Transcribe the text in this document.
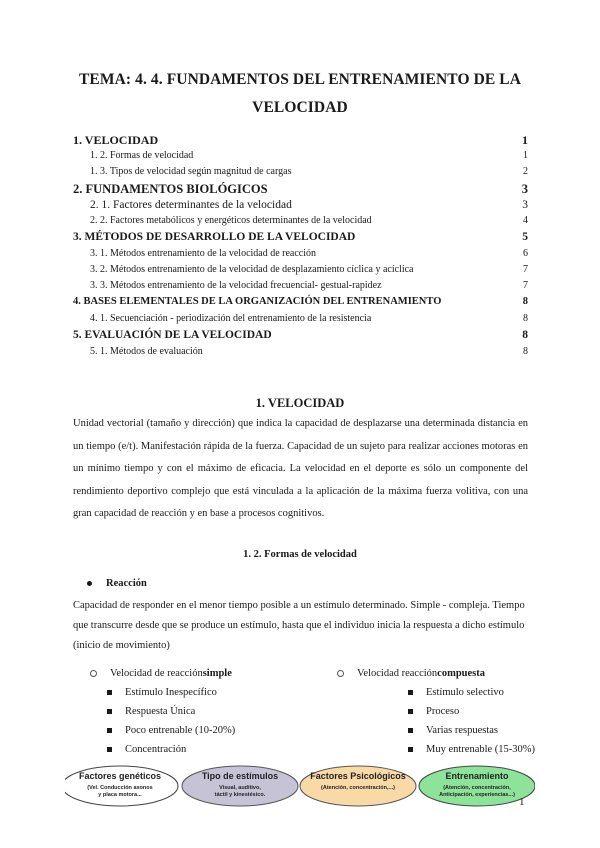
TEMA: 4. 4. FUNDAMENTOS DEL ENTRENAMIENTO DE LA
VELOCIDAD
1. VELOCIDAD	1
1. 2. Formas de velocidad	1
1. 3. Tipos de velocidad según magnitud de cargas	2
2. FUNDAMENTOS BIOLÓGICOS	3
2. 1. Factores determinantes de la velocidad	3
2. 2. Factores metabólicos y energéticos determinantes de la velocidad	4
3. MÉTODOS DE DESARROLLO DE LA VELOCIDAD	5
3. 1. Métodos entrenamiento de la velocidad de reacción	6
3. 2. Métodos entrenamiento de la velocidad de desplazamiento cíclica y acíclica	7
3. 3. Métodos entrenamiento de la velocidad frecuencial- gestual-rapidez	7
4. BASES ELEMENTALES DE LA ORGANIZACIÓN DEL ENTRENAMIENTO	8
4. 1. Secuenciación - periodización del entrenamiento de la resistencia	8
5. EVALUACIÓN DE LA VELOCIDAD	8
5. 1. Métodos de evaluación	8
1. VELOCIDAD
Unidad vectorial (tamaño y dirección) que indica la capacidad de desplazarse una determinada distancia en un tiempo (e/t). Manifestación rápida de la fuerza. Capacidad de un sujeto para realizar acciones motoras en un mínimo tiempo y con el máximo de eficacia. La velocidad en el deporte es sólo un componente del rendimiento deportivo complejo que está vinculada a la aplicación de la máxima fuerza volitiva, con una gran capacidad de reacción y en base a procesos cognitivos.
1. 2. Formas de velocidad
Reacción
Capacidad de responder en el menor tiempo posible a un estímulo determinado. Simple - compleja. Tiempo que transcurre desde que se produce un estímulo, hasta que el individuo inicia la respuesta a dicho estímulo (inicio de movimiento)
Velocidad de reacción simple
Estímulo Inespecífico
Respuesta Única
Poco entrenable (10-20%)
Concentración
Velocidad reacción compuesta
Estímulo selectivo
Proceso
Varias respuestas
Muy entrenable (15-30%)
Factores genéticos
(Vel. Conducción axonos
y placa motora...
Tipo de estímulos
Visual, auditivo,
táctil y kinestésico.
Factores Psicológicos
(Atención, concentración,...)
Entrenamiento
(Atención, concentración,
Anticipación, experiencias...)
1
